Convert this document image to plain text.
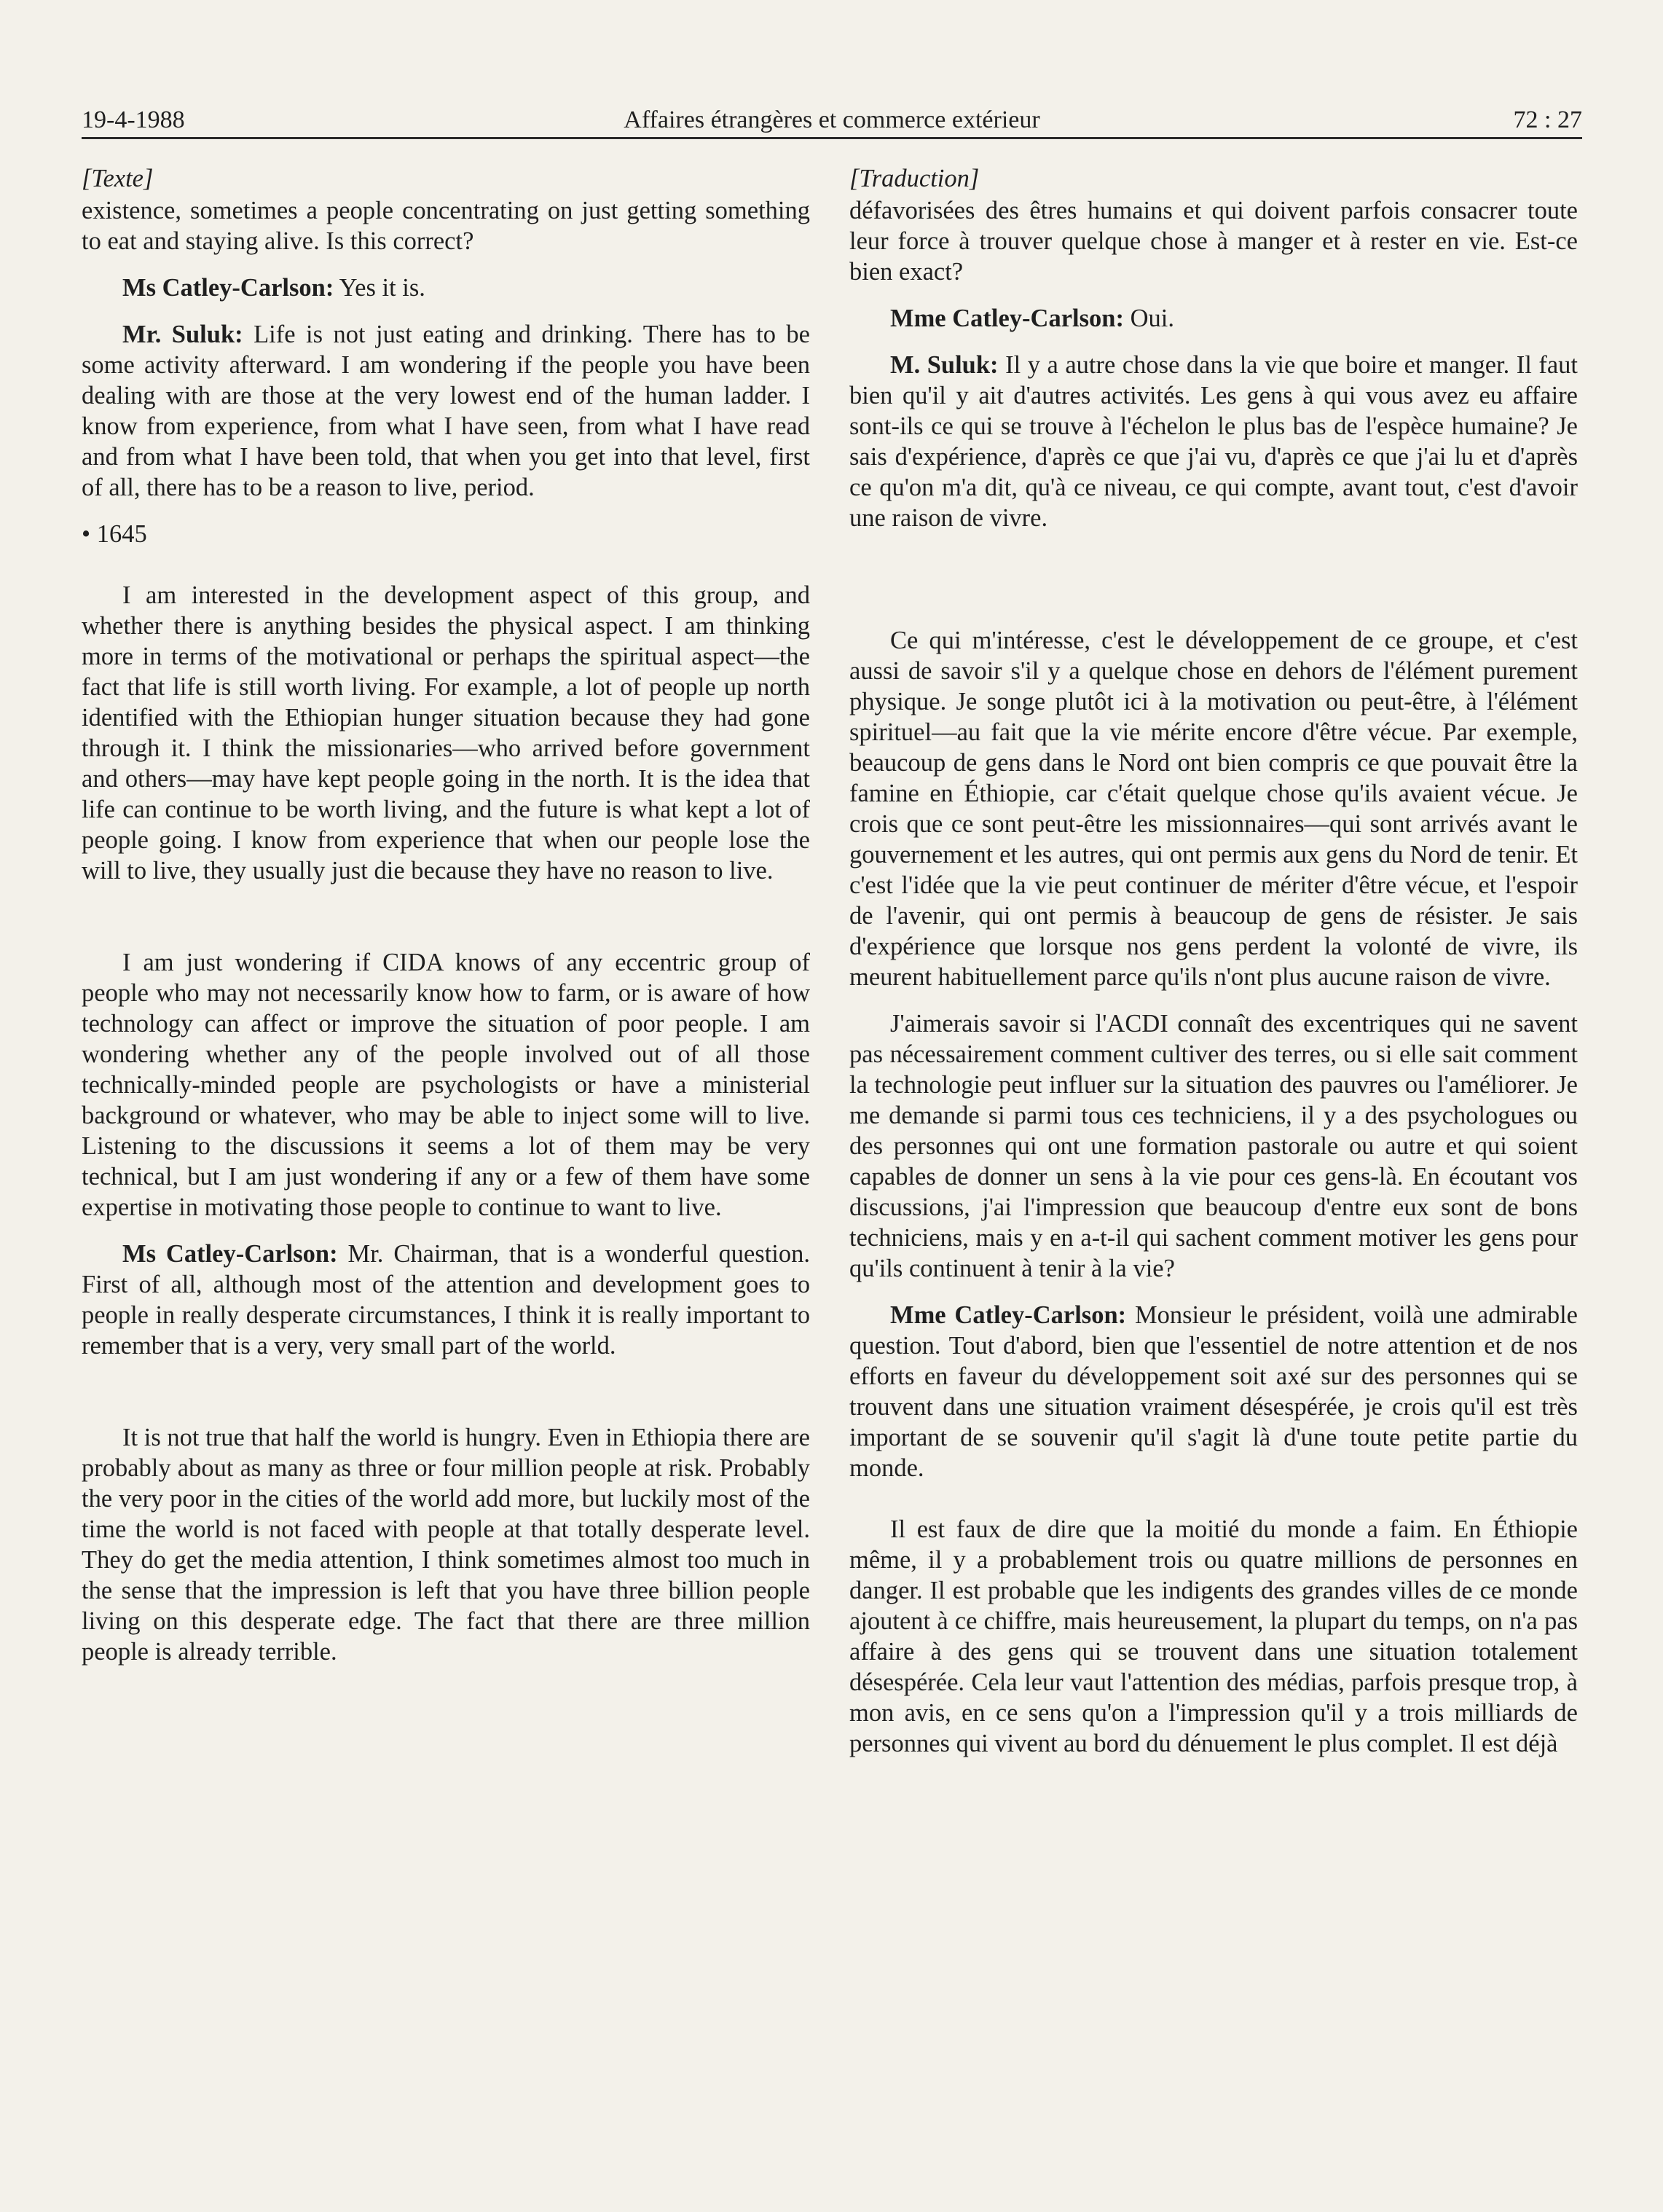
19-4-1988	Affaires étrangères et commerce extérieur	72 : 27
[Texte]

existence, sometimes a people concentrating on just getting something to eat and staying alive. Is this correct?

Ms Catley-Carlson: Yes it is.

Mr. Suluk: Life is not just eating and drinking. There has to be some activity afterward. I am wondering if the people you have been dealing with are those at the very lowest end of the human ladder. I know from experience, from what I have seen, from what I have read and from what I have been told, that when you get into that level, first of all, there has to be a reason to live, period.

• 1645

I am interested in the development aspect of this group, and whether there is anything besides the physical aspect. I am thinking more in terms of the motivational or perhaps the spiritual aspect—the fact that life is still worth living. For example, a lot of people up north identified with the Ethiopian hunger situation because they had gone through it. I think the missionaries—who arrived before government and others—may have kept people going in the north. It is the idea that life can continue to be worth living, and the future is what kept a lot of people going. I know from experience that when our people lose the will to live, they usually just die because they have no reason to live.

I am just wondering if CIDA knows of any eccentric group of people who may not necessarily know how to farm, or is aware of how technology can affect or improve the situation of poor people. I am wondering whether any of the people involved out of all those technically-minded people are psychologists or have a ministerial background or whatever, who may be able to inject some will to live. Listening to the discussions it seems a lot of them may be very technical, but I am just wondering if any or a few of them have some expertise in motivating those people to continue to want to live.

Ms Catley-Carlson: Mr. Chairman, that is a wonderful question. First of all, although most of the attention and development goes to people in really desperate circumstances, I think it is really important to remember that is a very, very small part of the world.

It is not true that half the world is hungry. Even in Ethiopia there are probably about as many as three or four million people at risk. Probably the very poor in the cities of the world add more, but luckily most of the time the world is not faced with people at that totally desperate level. They do get the media attention, I think sometimes almost too much in the sense that the impression is left that you have three billion people living on this desperate edge. The fact that there are three million people is already terrible.

[Traduction]

défavorisées des êtres humains et qui doivent parfois consacrer toute leur force à trouver quelque chose à manger et à rester en vie. Est-ce bien exact?

Mme Catley-Carlson: Oui.

M. Suluk: Il y a autre chose dans la vie que boire et manger. Il faut bien qu'il y ait d'autres activités. Les gens à qui vous avez eu affaire sont-ils ce qui se trouve à l'échelon le plus bas de l'espèce humaine? Je sais d'expérience, d'après ce que j'ai vu, d'après ce que j'ai lu et d'après ce qu'on m'a dit, qu'à ce niveau, ce qui compte, avant tout, c'est d'avoir une raison de vivre.

Ce qui m'intéresse, c'est le développement de ce groupe, et c'est aussi de savoir s'il y a quelque chose en dehors de l'élément purement physique. Je songe plutôt ici à la motivation ou peut-être, à l'élément spirituel—au fait que la vie mérite encore d'être vécue. Par exemple, beaucoup de gens dans le Nord ont bien compris ce que pouvait être la famine en Éthiopie, car c'était quelque chose qu'ils avaient vécue. Je crois que ce sont peut-être les missionnaires—qui sont arrivés avant le gouvernement et les autres, qui ont permis aux gens du Nord de tenir. Et c'est l'idée que la vie peut continuer de mériter d'être vécue, et l'espoir de l'avenir, qui ont permis à beaucoup de gens de résister. Je sais d'expérience que lorsque nos gens perdent la volonté de vivre, ils meurent habituellement parce qu'ils n'ont plus aucune raison de vivre.

J'aimerais savoir si l'ACDI connaît des excentriques qui ne savent pas nécessairement comment cultiver des terres, ou si elle sait comment la technologie peut influer sur la situation des pauvres ou l'améliorer. Je me demande si parmi tous ces techniciens, il y a des psychologues ou des personnes qui ont une formation pastorale ou autre et qui soient capables de donner un sens à la vie pour ces gens-là. En écoutant vos discussions, j'ai l'impression que beaucoup d'entre eux sont de bons techniciens, mais y en a-t-il qui sachent comment motiver les gens pour qu'ils continuent à tenir à la vie?

Mme Catley-Carlson: Monsieur le président, voilà une admirable question. Tout d'abord, bien que l'essentiel de notre attention et de nos efforts en faveur du développement soit axé sur des personnes qui se trouvent dans une situation vraiment désespérée, je crois qu'il est très important de se souvenir qu'il s'agit là d'une toute petite partie du monde.

Il est faux de dire que la moitié du monde a faim. En Éthiopie même, il y a probablement trois ou quatre millions de personnes en danger. Il est probable que les indigents des grandes villes de ce monde ajoutent à ce chiffre, mais heureusement, la plupart du temps, on n'a pas affaire à des gens qui se trouvent dans une situation totalement désespérée. Cela leur vaut l'attention des médias, parfois presque trop, à mon avis, en ce sens qu'on a l'impression qu'il y a trois milliards de personnes qui vivent au bord du dénuement le plus complet. Il est déjà
